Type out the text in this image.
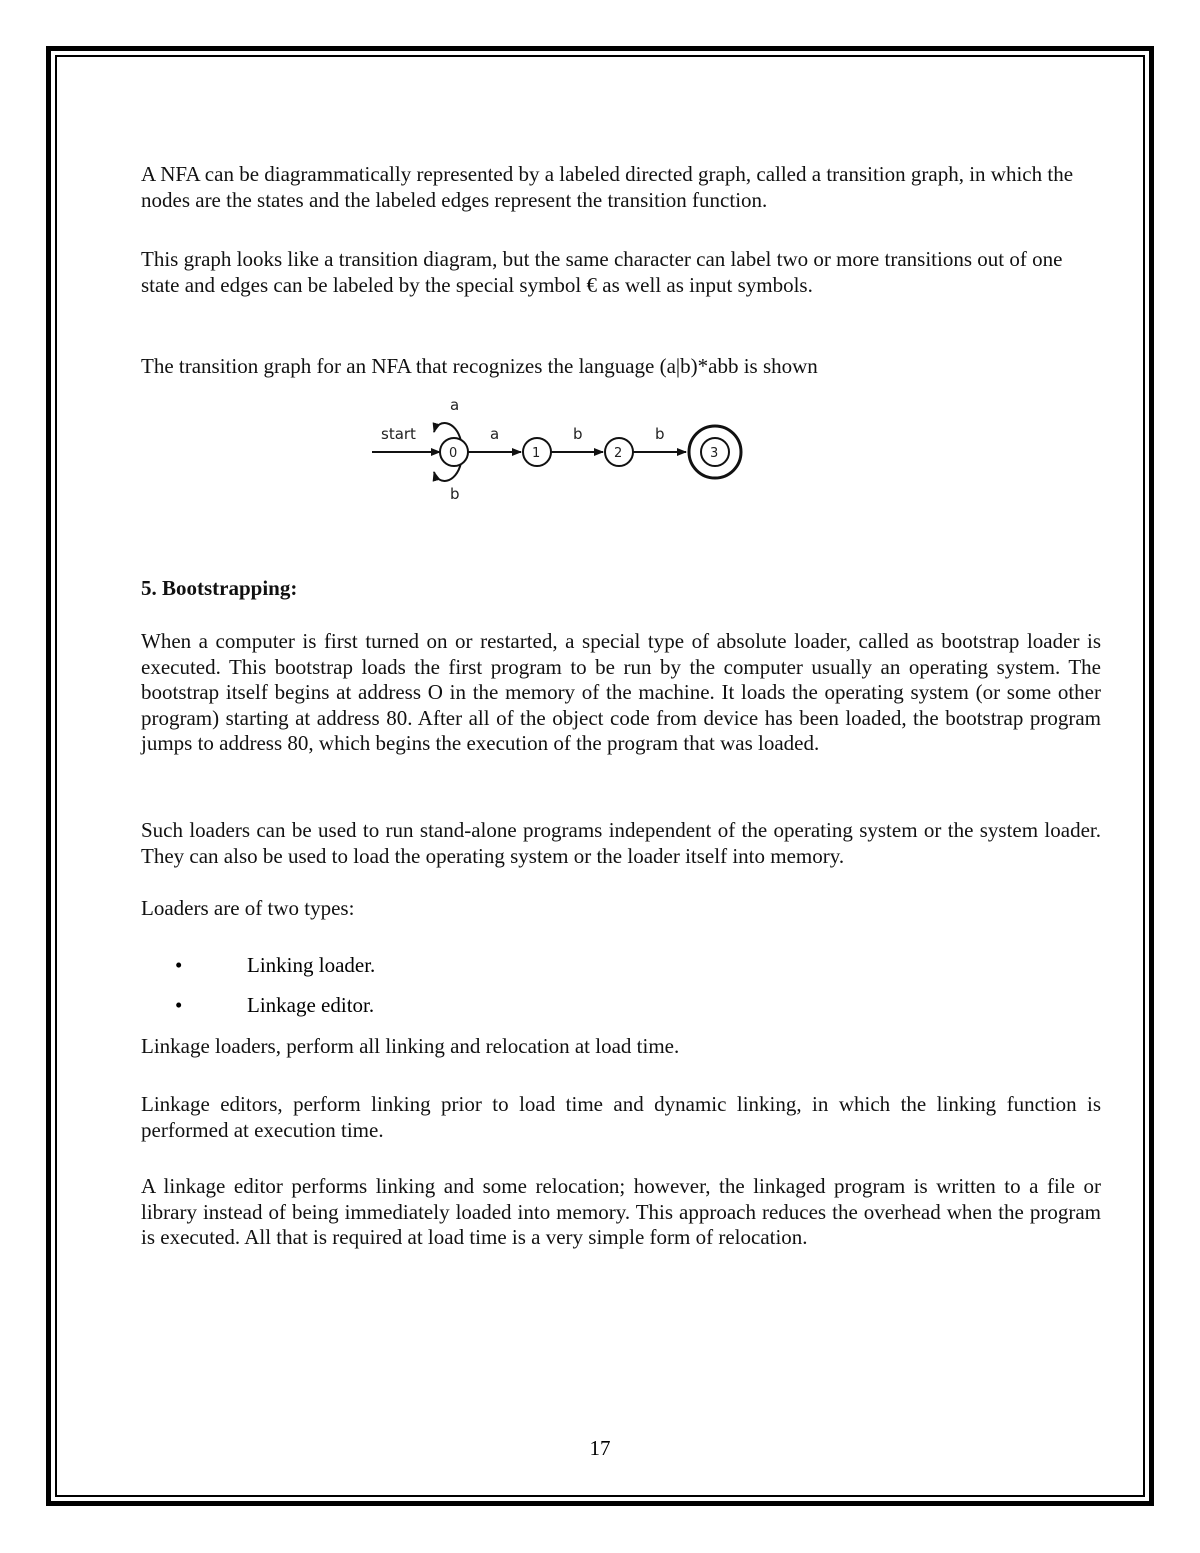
A NFA can be diagrammatically represented by a labeled directed graph, called a transition graph, in which the nodes are the states and the labeled edges represent the transition function.

This graph looks like a transition diagram, but the same character can label two or more transitions out of one state and edges can be labeled by the special symbol € as well as input symbols.

The transition graph for an NFA that recognizes the language (a|b)*abb is shown

start
a
b
0
a
1
b
2
b
3

5. Bootstrapping:

When a computer is first turned on or restarted, a special type of absolute loader, called as bootstrap loader is executed. This bootstrap loads the first program to be run by the computer usually an operating system. The bootstrap itself begins at address O in the memory of the machine. It loads the operating system (or some other program) starting at address 80. After all of the object code from device has been loaded, the bootstrap program jumps to address 80, which begins the execution of the program that was loaded.

Such loaders can be used to run stand-alone programs independent of the operating system or the system loader. They can also be used to load the operating system or the loader itself into memory.

Loaders are of two types:

•	Linking loader.
•	Linkage editor.

Linkage loaders, perform all linking and relocation at load time.

Linkage editors, perform linking prior to load time and dynamic linking, in which the linking function is performed at execution time.

A linkage editor performs linking and some relocation; however, the linkaged program is written to a file or library instead of being immediately loaded into memory. This approach reduces the overhead when the program is executed. All that is required at load time is a very simple form of relocation.

17
